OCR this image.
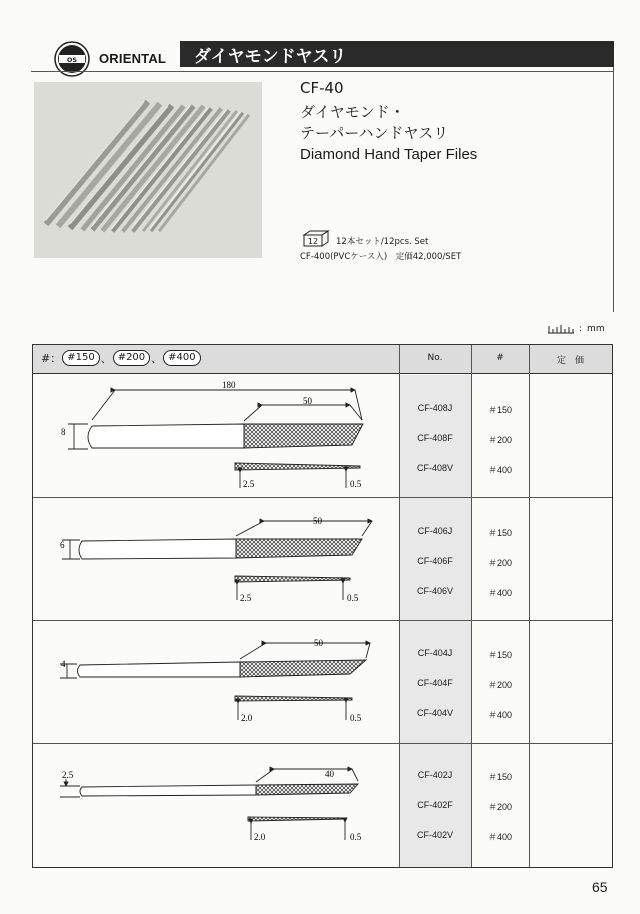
OS ORIENTAL ダイヤモンドヤスリ
CF-40
ダイヤモンド・
テーパーハンドヤスリ
Diamond Hand Taper Files
12 12本セット/12pcs. Set
CF-400(PVCケース入)　定価42,000/SET
: mm
#： #150 、 #200 、 #400	No.	#	定　価
CF-408J	＃150
CF-408F	＃200
CF-408V	＃400
CF-406J	＃150
CF-406F	＃200
CF-406V	＃400
CF-404J	＃150
CF-404F	＃200
CF-404V	＃400
CF-402J	＃150
CF-402F	＃200
CF-402V	＃400
180
50
8
2.5	0.5
50
6
2.5	0.5
50
4
2.0	0.5
40
2.5
2.0	0.5
65
